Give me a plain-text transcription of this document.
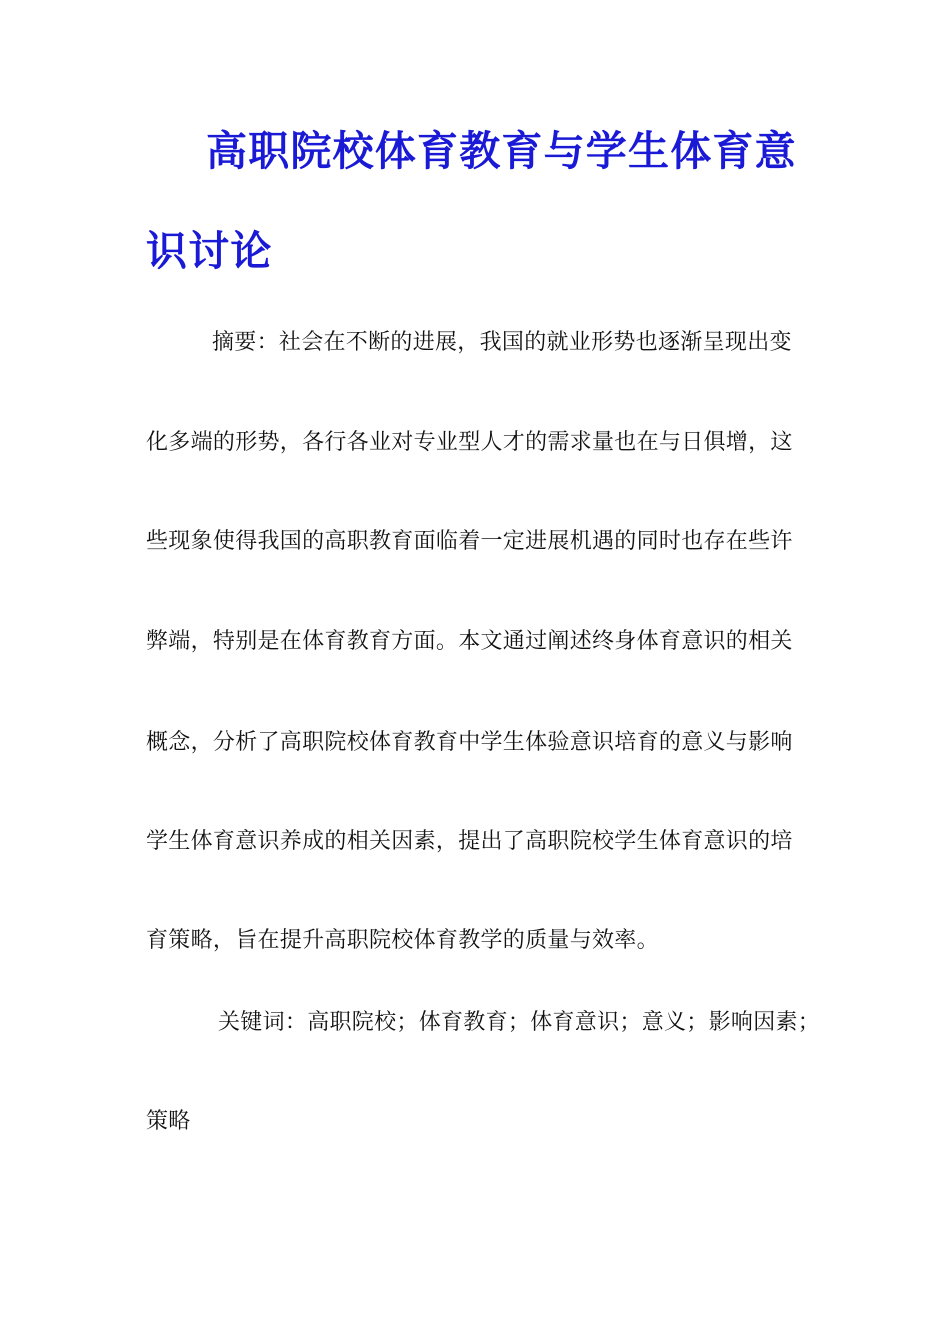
高职院校体育教育与学生体育意
识讨论

摘要：社会在不断的进展，我国的就业形势也逐渐呈现出变

化多端的形势，各行各业对专业型人才的需求量也在与日俱增，这

些现象使得我国的高职教育面临着一定进展机遇的同时也存在些许

弊端，特别是在体育教育方面。本文通过阐述终身体育意识的相关

概念，分析了高职院校体育教育中学生体验意识培育的意义与影响

学生体育意识养成的相关因素，提出了高职院校学生体育意识的培

育策略，旨在提升高职院校体育教学的质量与效率。

关键词：高职院校；体育教育；体育意识；意义；影响因素；

策略
